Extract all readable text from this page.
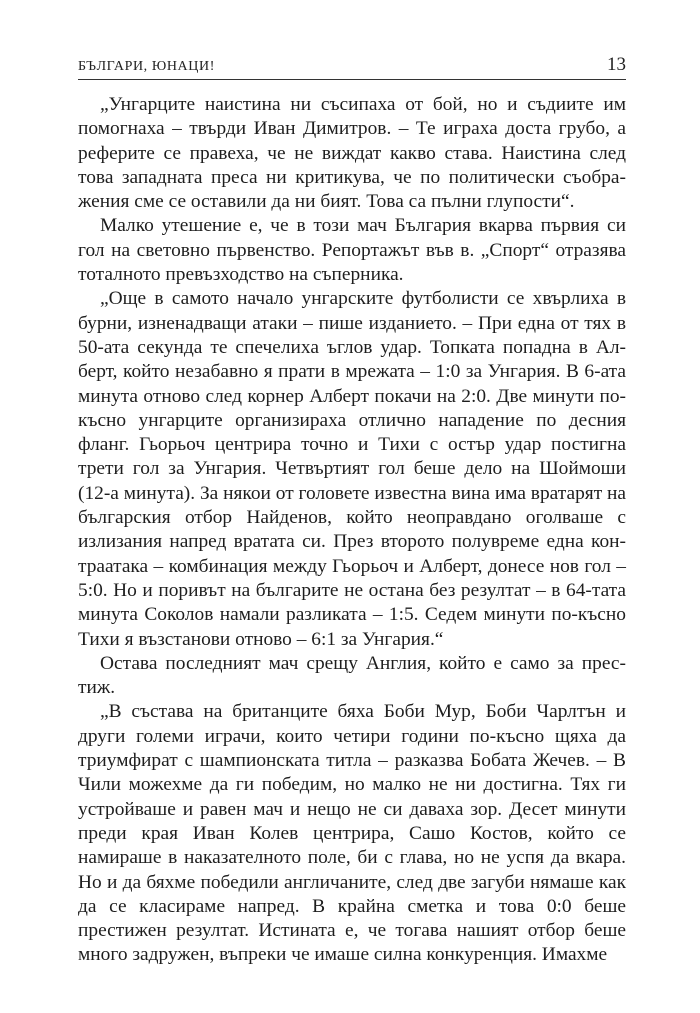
БЪЛГАРИ, ЮНАЦИ!	13

„Унгарците наистина ни съсипаха от бой, но и съдиите им помогнаха – твърди Иван Димитров. – Те играха доста грубо, а реферите се правеха, че не виждат какво става. Наистина след това западната преса ни критикува, че по политически съображения сме се оставили да ни бият. Това са пълни глупости“.

Малко утешение е, че в този мач България вкарва първия си гол на световно първенство. Репортажът във в. „Спорт“ отразява тоталното превъзходство на съперника.

„Още в самото начало унгарските футболисти се хвърлиха в бурни, изненадващи атаки – пише изданието. – При една от тях в 50-ата секунда те спечелиха ъглов удар. Топката попадна в Алберт, който незабавно я прати в мрежата – 1:0 за Унгария. В 6-ата минута отново след корнер Алберт покачи на 2:0. Две минути по-късно унгарците организираха отлично нападение по десния фланг. Гьорьоч центрира точно и Тихи с остър удар постигна трети гол за Унгария. Четвъртият гол беше дело на Шоймоши (12-а минута). За някои от головете известна вина има вратарят на българския отбор Найденов, който неоправдано оголваше с излизания напред вратата си. През второто полувреме една контраатака – комбинация между Гьорьоч и Алберт, донесе нов гол – 5:0. Но и поривът на българите не остана без резултат – в 64-тата минута Соколов намали разликата – 1:5. Седем минути по-късно Тихи я възстанови отново – 6:1 за Унгария.“

Остава последният мач срещу Англия, който е само за престиж.

„В състава на британците бяха Боби Мур, Боби Чарлтън и други големи играчи, които четири години по-късно щяха да триумфират с шампионската титла – разказва Бобата Жечев. – В Чили можехме да ги победим, но малко не ни достигна. Тях ги устройваше и равен мач и нещо не си даваха зор. Десет минути преди края Иван Колев центрира, Сашо Костов, който се намираше в наказателното поле, би с глава, но не успя да вкара. Но и да бяхме победили англичаните, след две загуби нямаше как да се класираме напред. В крайна сметка и това 0:0 беше престижен резултат. Истината е, че тогава нашият отбор беше много задружен, въпреки че имаше силна конкуренция. Имахме
